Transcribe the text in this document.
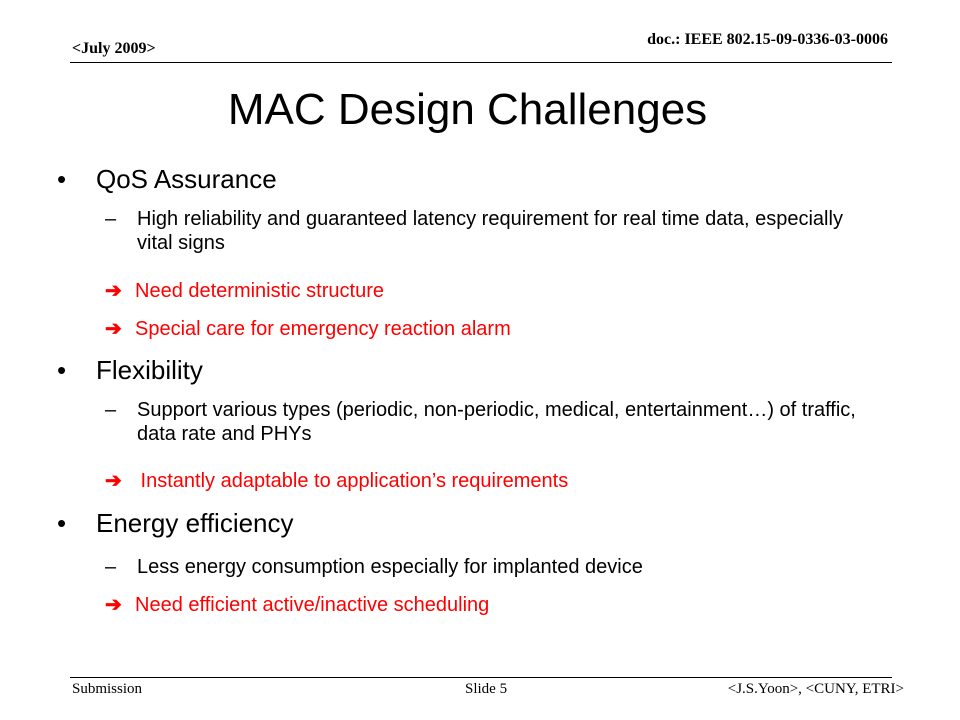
<July 2009>
doc.: IEEE 802.15-09-0336-03-0006
MAC Design Challenges
• QoS Assurance
– High reliability and guaranteed latency requirement for real time data, especially vital signs
➔ Need deterministic structure
➔ Special care for emergency reaction alarm
• Flexibility
– Support various types (periodic, non-periodic, medical, entertainment…) of traffic, data rate and PHYs
➔ Instantly adaptable to application’s requirements
• Energy efficiency
– Less energy consumption especially for implanted device
➔ Need efficient active/inactive scheduling
Submission	Slide 5	<J.S.Yoon>, <CUNY, ETRI>
